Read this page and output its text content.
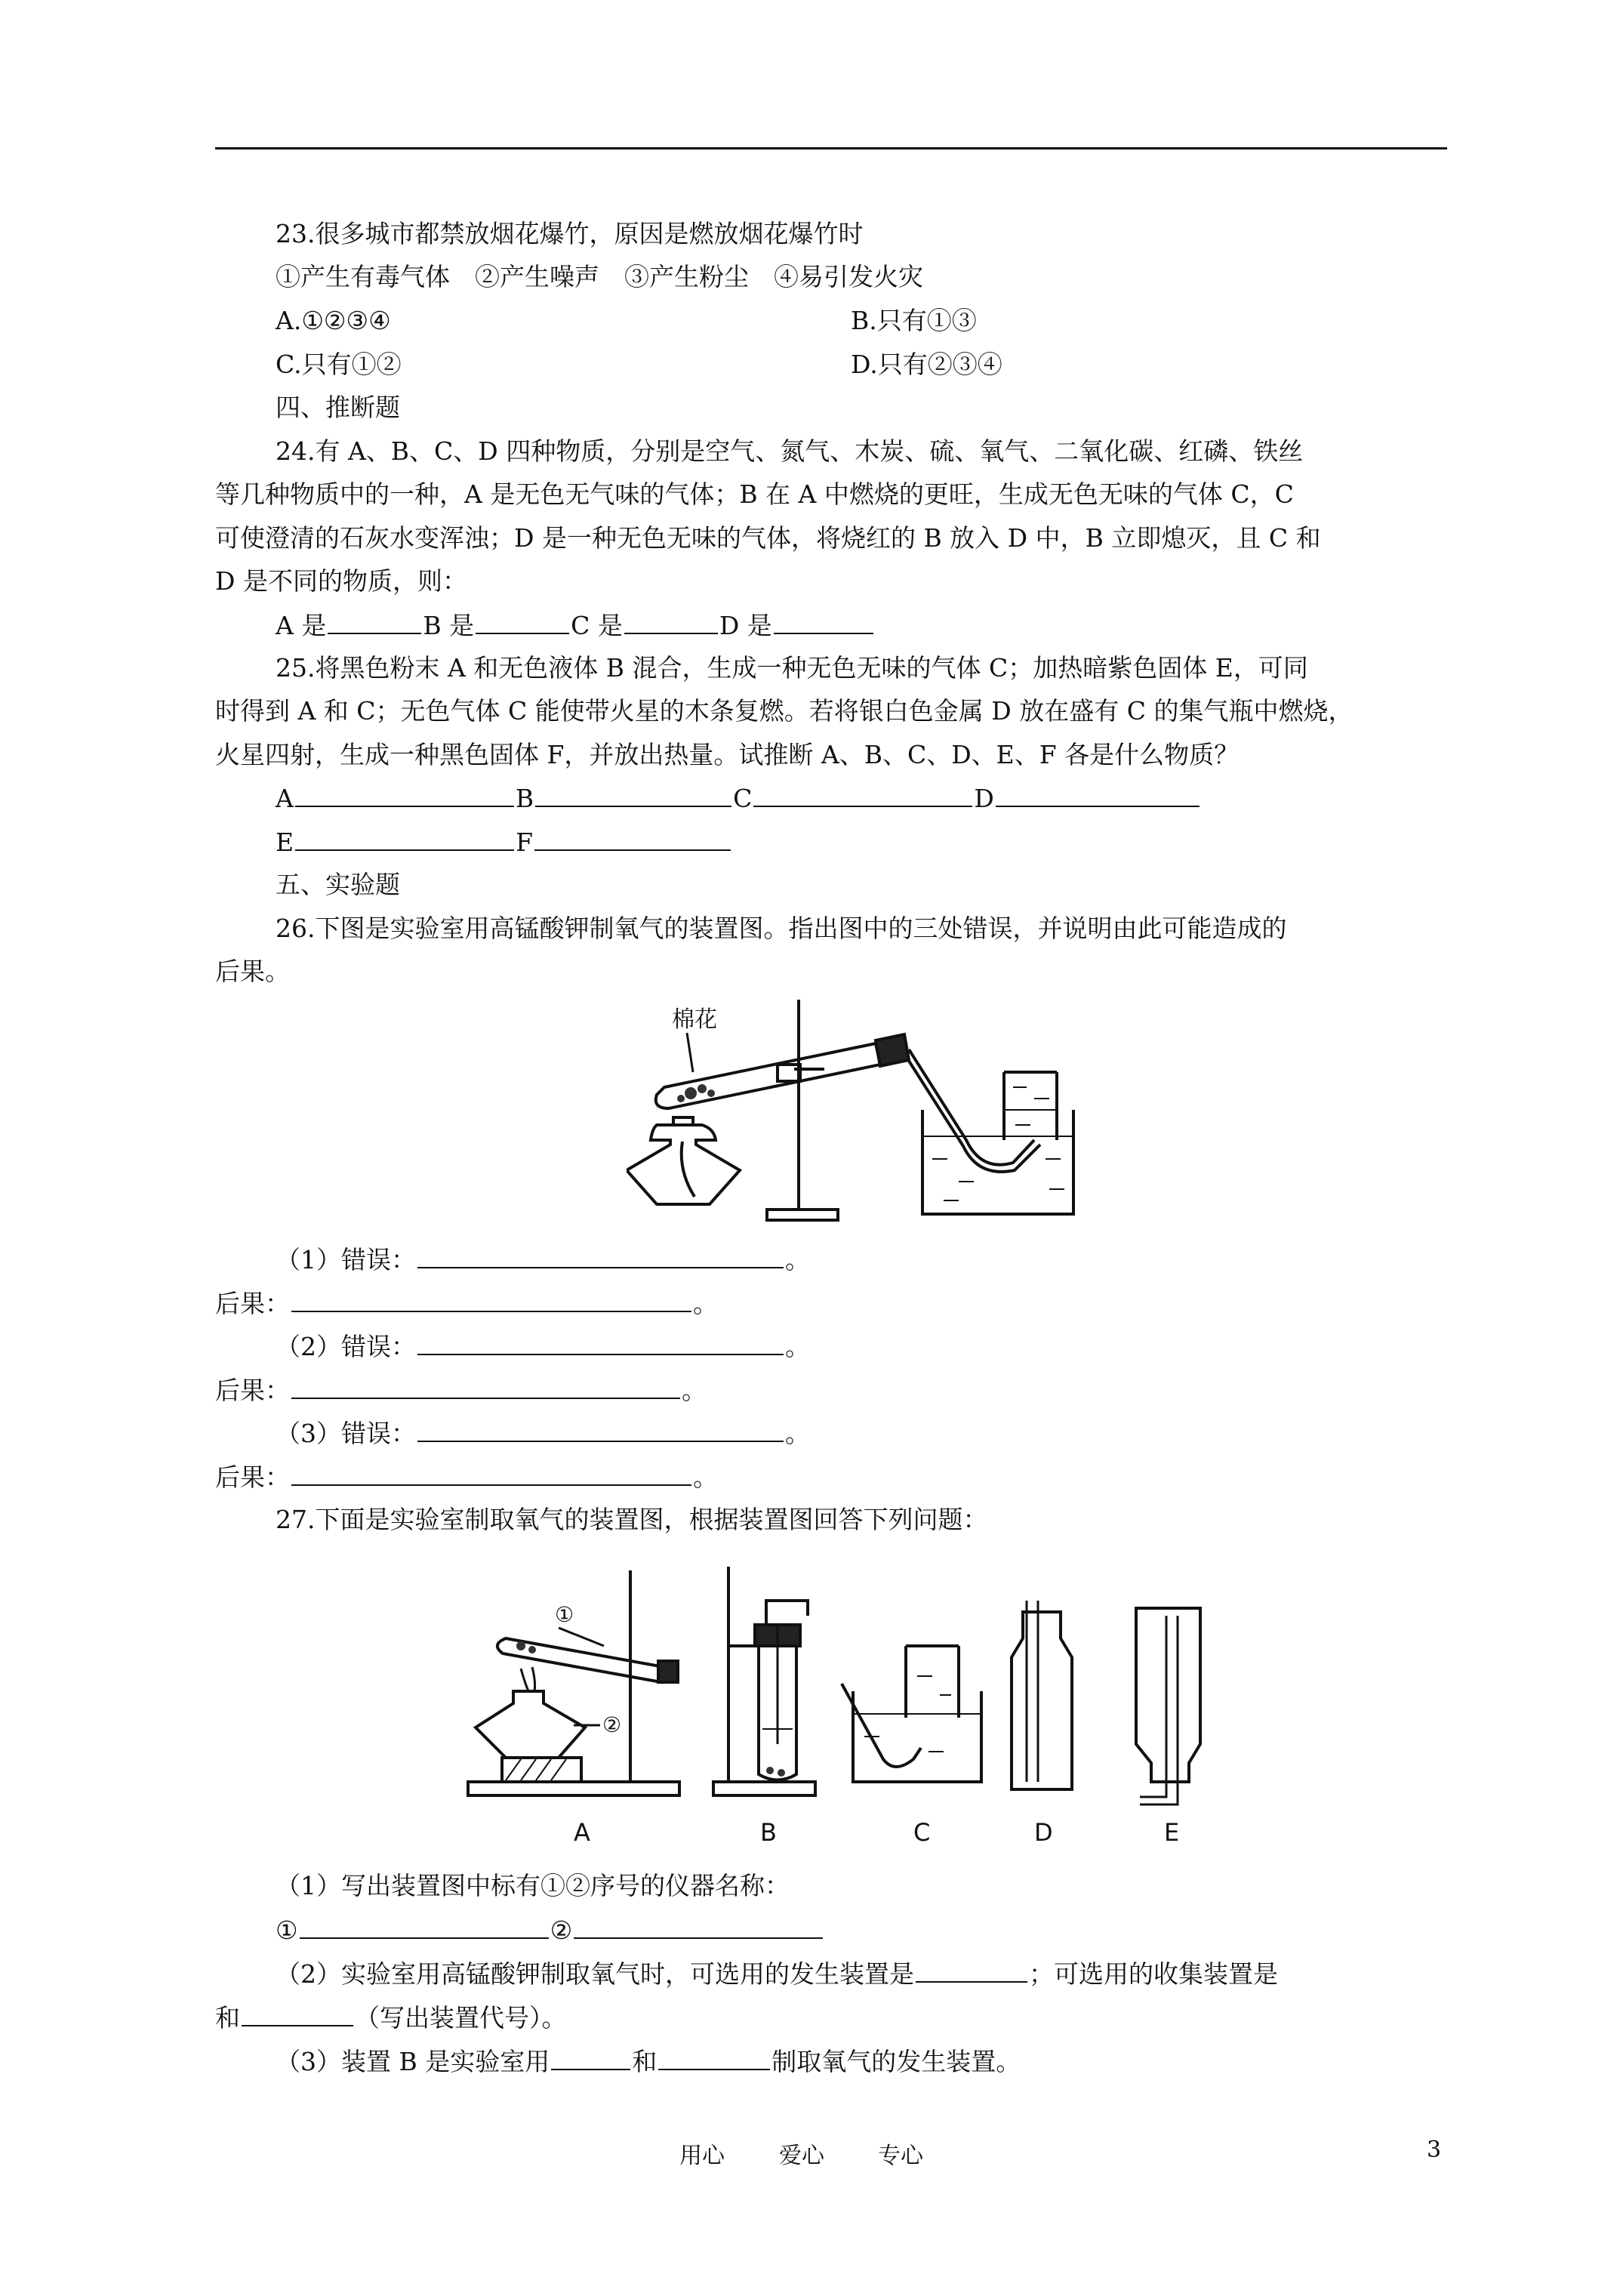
23.很多城市都禁放烟花爆竹，原因是燃放烟花爆竹时
①产生有毒气体　②产生噪声　③产生粉尘　④易引发火灾
A.①②③④	B.只有①③
C.只有①②	D.只有②③④
四、推断题
24.有 A、B、C、D 四种物质，分别是空气、氮气、木炭、硫、氧气、二氧化碳、红磷、铁丝
等几种物质中的一种，A 是无色无气味的气体；B 在 A 中燃烧的更旺，生成无色无味的气体 C，C
可使澄清的石灰水变浑浊；D 是一种无色无味的气体，将烧红的 B 放入 D 中，B 立即熄灭，且 C 和
D 是不同的物质，则：
A 是	B 是	C 是	D 是
25.将黑色粉末 A 和无色液体 B 混合，生成一种无色无味的气体 C；加热暗紫色固体 E，可同
时得到 A 和 C；无色气体 C 能使带火星的木条复燃。若将银白色金属 D 放在盛有 C 的集气瓶中燃烧，
火星四射，生成一种黑色固体 F，并放出热量。试推断 A、B、C、D、E、F 各是什么物质？
A	B	C	D
E	F
五、实验题
26.下图是实验室用高锰酸钾制氧气的装置图。指出图中的三处错误，并说明由此可能造成的
后果。
棉花
（1）错误：	。
后果：	。
（2）错误：	。
后果：	。
（3）错误：	。
后果：	。
27.下面是实验室制取氧气的装置图，根据装置图回答下列问题：
①
②
A	B	C	D	E
（1）写出装置图中标有①②序号的仪器名称：
①	②
（2）实验室用高锰酸钾制取氧气时，可选用的发生装置是	；可选用的收集装置是
和	（写出装置代号）。
（3）装置 B 是实验室用	和	制取氧气的发生装置。
用心 爱心 专心	3
